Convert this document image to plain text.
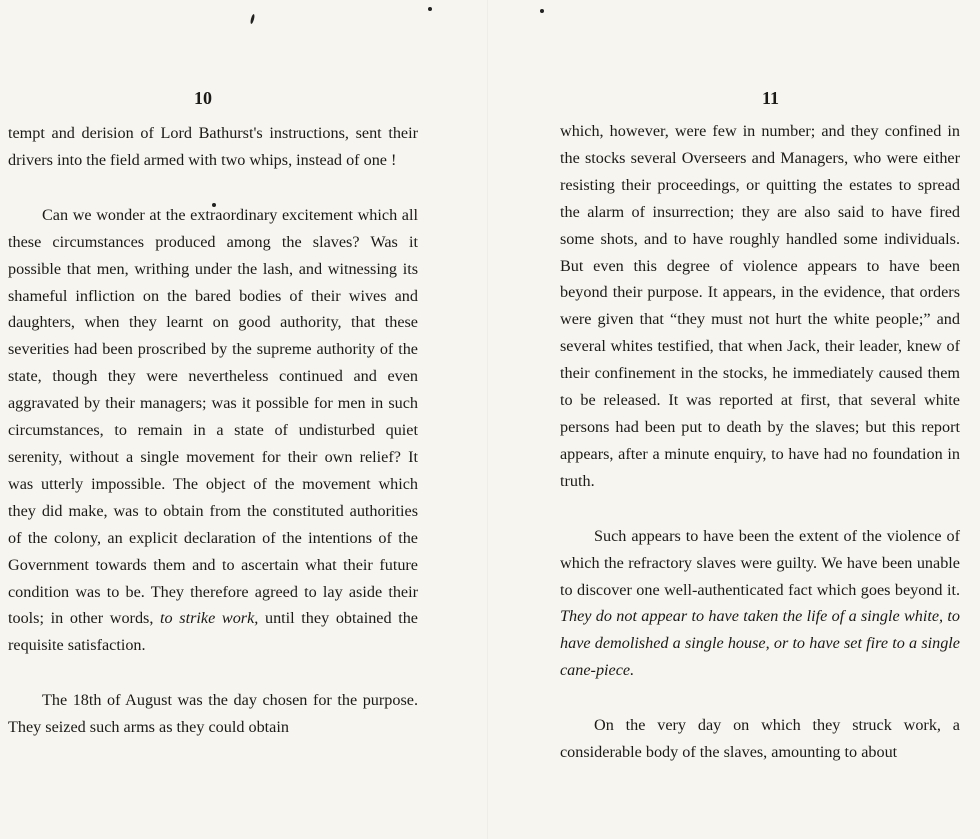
10

tempt and derision of Lord Bathurst's instructions, sent their drivers into the field armed with two whips, instead of one !

Can we wonder at the extraordinary excitement which all these circumstances produced among the slaves? Was it possible that men, writhing under the lash, and witnessing its shameful infliction on the bared bodies of their wives and daughters, when they learnt on good authority, that these severities had been proscribed by the supreme authority of the state, though they were nevertheless continued and even aggravated by their managers; was it possible for men in such circumstances, to remain in a state of undisturbed quiet serenity, without a single movement for their own relief? It was utterly impossible. The object of the movement which they did make, was to obtain from the constituted authorities of the colony, an explicit declaration of the intentions of the Government towards them and to ascertain what their future condition was to be. They therefore agreed to lay aside their tools; in other words, to strike work, until they obtained the requisite satisfaction.

The 18th of August was the day chosen for the purpose. They seized such arms as they could obtain

11

which, however, were few in number; and they confined in the stocks several Overseers and Managers, who were either resisting their proceedings, or quitting the estates to spread the alarm of insurrection; they are also said to have fired some shots, and to have roughly handled some individuals. But even this degree of violence appears to have been beyond their purpose. It appears, in the evidence, that orders were given that “they must not hurt the white people;” and several whites testified, that when Jack, their leader, knew of their confinement in the stocks, he immediately caused them to be released. It was reported at first, that several white persons had been put to death by the slaves; but this report appears, after a minute enquiry, to have had no foundation in truth.

Such appears to have been the extent of the violence of which the refractory slaves were guilty. We have been unable to discover one well-authenticated fact which goes beyond it. They do not appear to have taken the life of a single white, to have demolished a single house, or to have set fire to a single cane-piece.

On the very day on which they struck work, a considerable body of the slaves, amounting to about
